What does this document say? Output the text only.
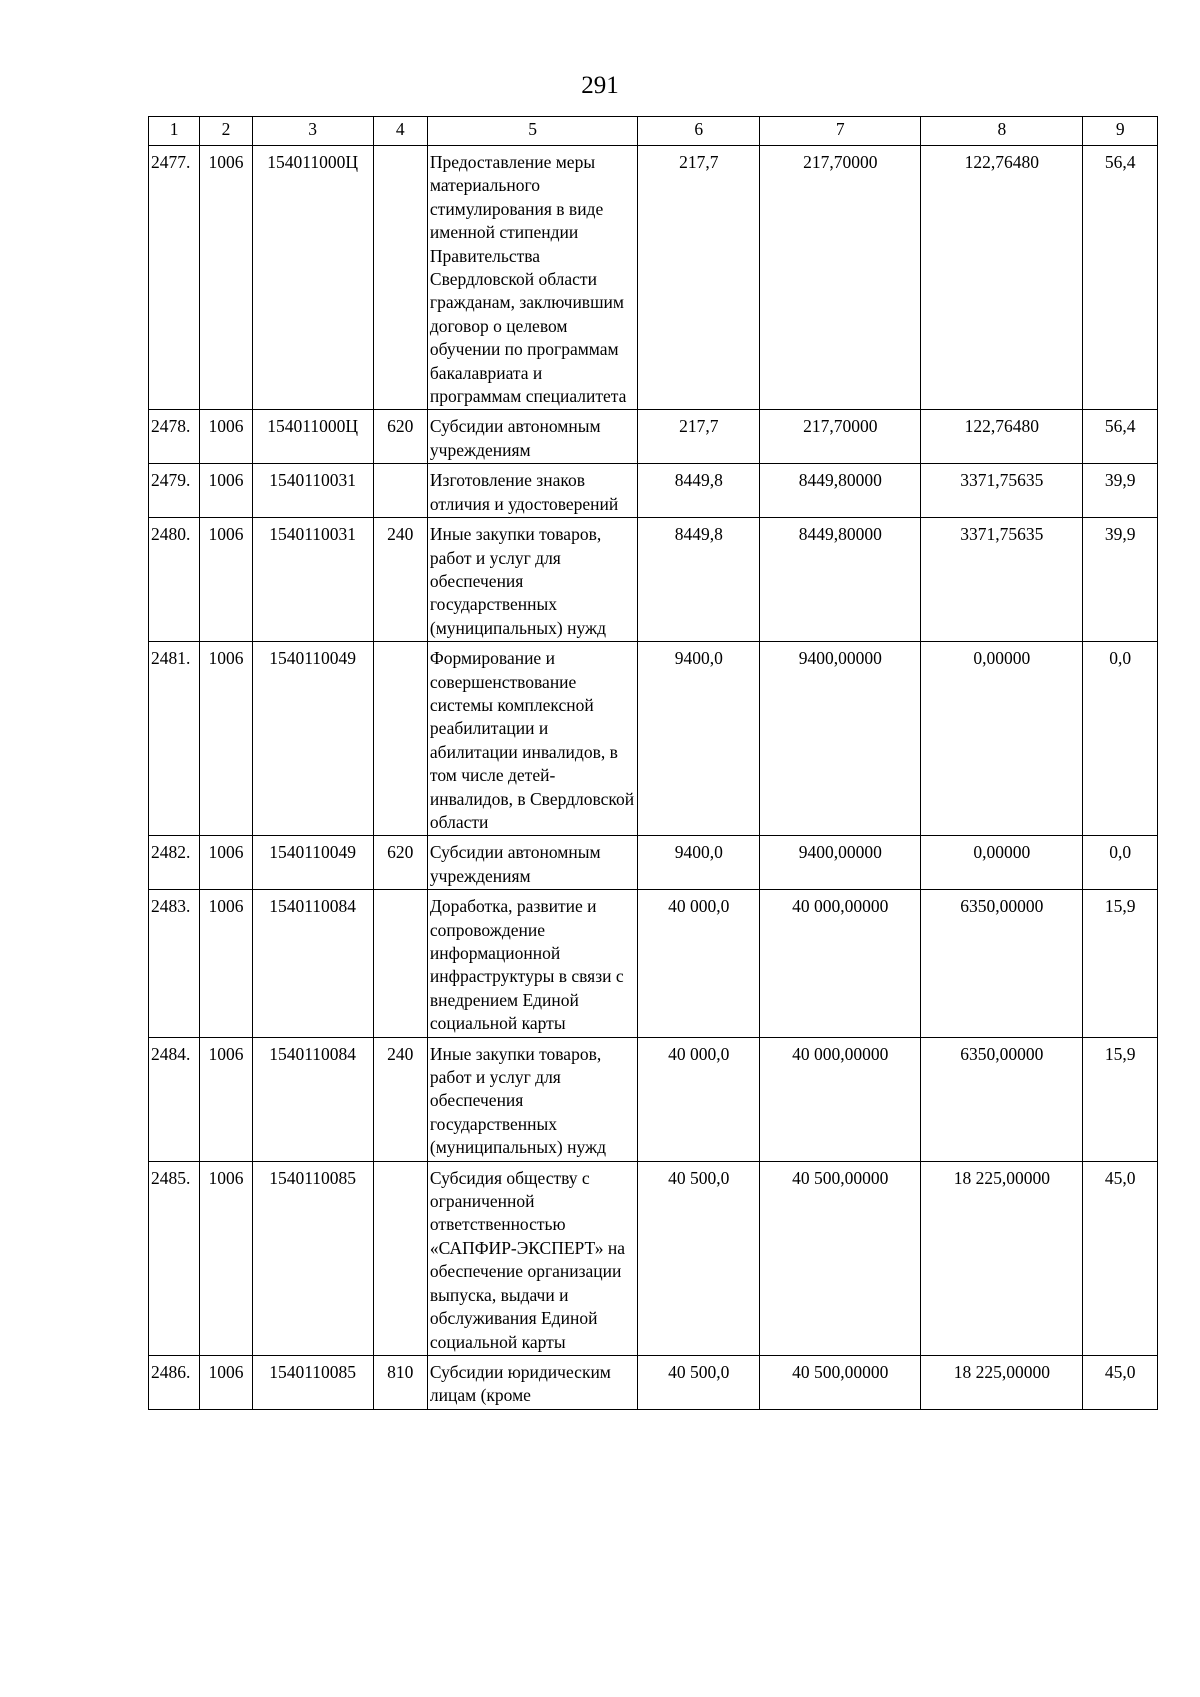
291
1	2	3	4	5	6	7	8	9
2477.	1006	154011000Ц		Предоставление меры материального стимулирования в виде именной стипендии Правительства Свердловской области гражданам, заключившим договор о целевом обучении по программам бакалавриата и программам специалитета	217,7	217,70000	122,76480	56,4
2478.	1006	154011000Ц	620	Субсидии автономным учреждениям	217,7	217,70000	122,76480	56,4
2479.	1006	1540110031		Изготовление знаков отличия и удостоверений	8449,8	8449,80000	3371,75635	39,9
2480.	1006	1540110031	240	Иные закупки товаров, работ и услуг для обеспечения государственных (муниципальных) нужд	8449,8	8449,80000	3371,75635	39,9
2481.	1006	1540110049		Формирование и совершенствование системы комплексной реабилитации и абилитации инвалидов, в том числе детей-инвалидов, в Свердловской области	9400,0	9400,00000	0,00000	0,0
2482.	1006	1540110049	620	Субсидии автономным учреждениям	9400,0	9400,00000	0,00000	0,0
2483.	1006	1540110084		Доработка, развитие и сопровождение информационной инфраструктуры в связи с внедрением Единой социальной карты	40 000,0	40 000,00000	6350,00000	15,9
2484.	1006	1540110084	240	Иные закупки товаров, работ и услуг для обеспечения государственных (муниципальных) нужд	40 000,0	40 000,00000	6350,00000	15,9
2485.	1006	1540110085		Субсидия обществу с ограниченной ответственностью «САПФИР-ЭКСПЕРТ» на обеспечение организации выпуска, выдачи и обслуживания Единой социальной карты	40 500,0	40 500,00000	18 225,00000	45,0
2486.	1006	1540110085	810	Субсидии юридическим лицам (кроме	40 500,0	40 500,00000	18 225,00000	45,0
